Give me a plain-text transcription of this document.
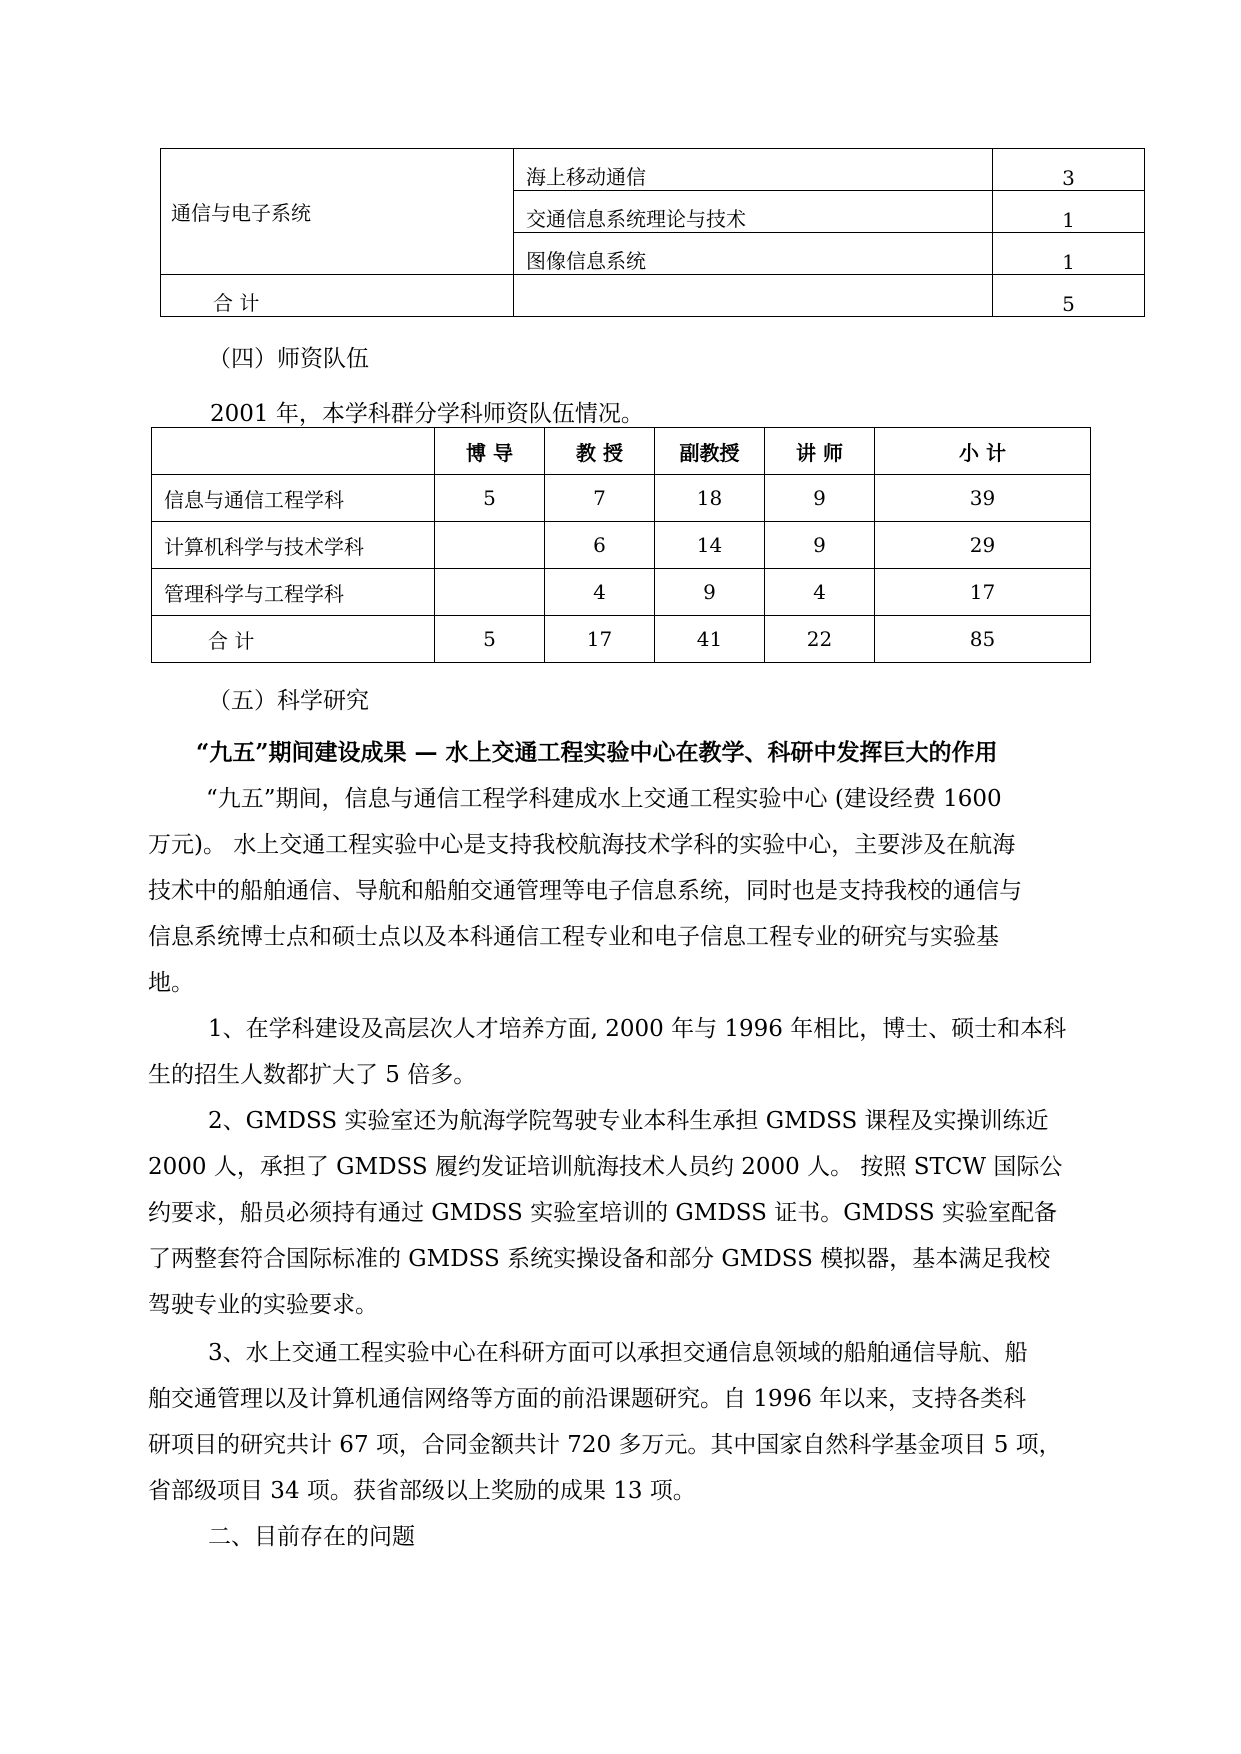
通信与电子系统	海上移动通信	3
	交通信息系统理论与技术	1
	图像信息系统	1
合 计		5
（四）师资队伍
2001 年，本学科群分学科师资队伍情况。
	博 导	教 授	副教授	讲 师	小 计
信息与通信工程学科	5	7	18	9	39
计算机科学与技术学科		6	14	9	29
管理科学与工程学科		4	9	4	17
合 计	5	17	41	22	85
（五）科学研究
“九五”期间建设成果 — 水上交通工程实验中心在教学、科研中发挥巨大的作用
“九五”期间，信息与通信工程学科建成水上交通工程实验中心 (建设经费 1600
万元)。 水上交通工程实验中心是支持我校航海技术学科的实验中心，主要涉及在航海
技术中的船舶通信、导航和船舶交通管理等电子信息系统，同时也是支持我校的通信与
信息系统博士点和硕士点以及本科通信工程专业和电子信息工程专业的研究与实验基
地。
1、在学科建设及高层次人才培养方面, 2000 年与 1996 年相比，博士、硕士和本科
生的招生人数都扩大了 5 倍多。
2、GMDSS 实验室还为航海学院驾驶专业本科生承担 GMDSS 课程及实操训练近
2000 人，承担了 GMDSS 履约发证培训航海技术人员约 2000 人。 按照 STCW 国际公
约要求，船员必须持有通过 GMDSS 实验室培训的 GMDSS 证书。GMDSS 实验室配备
了两整套符合国际标准的 GMDSS 系统实操设备和部分 GMDSS 模拟器，基本满足我校
驾驶专业的实验要求。
3、水上交通工程实验中心在科研方面可以承担交通信息领域的船舶通信导航、船
舶交通管理以及计算机通信网络等方面的前沿课题研究。自 1996 年以来，支持各类科
研项目的研究共计 67 项，合同金额共计 720 多万元。其中国家自然科学基金项目 5 项，
省部级项目 34 项。获省部级以上奖励的成果 13 项。
二、目前存在的问题
